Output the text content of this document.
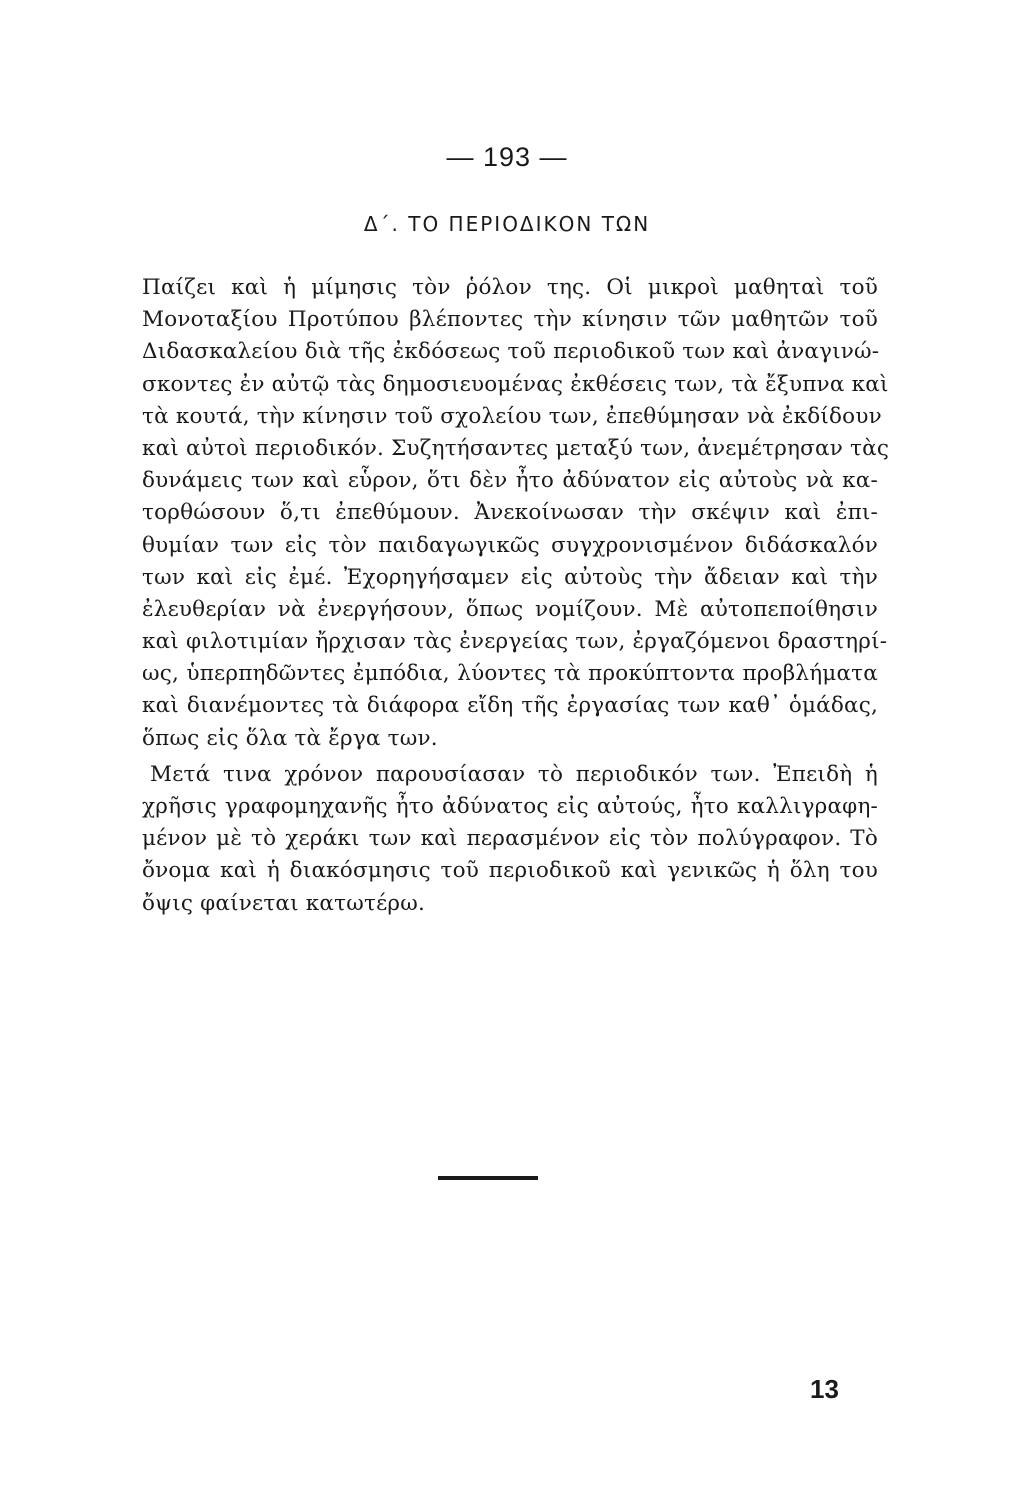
— 193 —
Δ΄. ΤΟ ΠΕΡΙΟΔΙΚΟΝ ΤΩΝ
Παίζει καὶ ἡ μίμησις τὸν ῥόλον της. Οἱ μικροὶ μαθηταὶ τοῦ
Μονοταξίου Προτύπου βλέποντες τὴν κίνησιν τῶν μαθητῶν τοῦ
Διδασκαλείου διὰ τῆς ἐκδόσεως τοῦ περιοδικοῦ των καὶ ἀναγινώ-
σκοντες ἐν αὐτῷ τὰς δημοσιευομένας ἐκθέσεις των, τὰ ἔξυπνα καὶ
τὰ κουτά, τὴν κίνησιν τοῦ σχολείου των, ἐπεθύμησαν νὰ ἐκδίδουν
καὶ αὐτοὶ περιοδικόν. Συζητήσαντες μεταξύ των, ἀνεμέτρησαν τὰς
δυνάμεις των καὶ εὗρον, ὅτι δὲν ἦτο ἀδύνατον εἰς αὐτοὺς νὰ κα-
τορθώσουν ὅ,τι ἐπεθύμουν. Ἀνεκοίνωσαν τὴν σκέψιν καὶ ἐπι-
θυμίαν των εἰς τὸν παιδαγωγικῶς συγχρονισμένον διδάσκαλόν
των καὶ εἰς ἐμέ. Ἐχορηγήσαμεν εἰς αὐτοὺς τὴν ἄδειαν καὶ τὴν
ἐλευθερίαν νὰ ἐνεργήσουν, ὅπως νομίζουν. Μὲ αὐτοπεποίθησιν
καὶ φιλοτιμίαν ἤρχισαν τὰς ἐνεργείας των, ἐργαζόμενοι δραστηρί-
ως, ὑπερπηδῶντες ἐμπόδια, λύοντες τὰ προκύπτοντα προβλήματα
καὶ διανέμοντες τὰ διάφορα εἴδη τῆς ἐργασίας των καθ᾽ ὁμάδας,
ὅπως εἰς ὅλα τὰ ἔργα των.
Μετά τινα χρόνον παρουσίασαν τὸ περιοδικόν των. Ἐπειδὴ ἡ
χρῆσις γραφομηχανῆς ἦτο ἀδύνατος εἰς αὐτούς, ἦτο καλλιγραφη-
μένον μὲ τὸ χεράκι των καὶ περασμένον εἰς τὸν πολύγραφον. Τὸ
ὄνομα καὶ ἡ διακόσμησις τοῦ περιοδικοῦ καὶ γενικῶς ἡ ὅλη του
ὄψις φαίνεται κατωτέρω.
13
